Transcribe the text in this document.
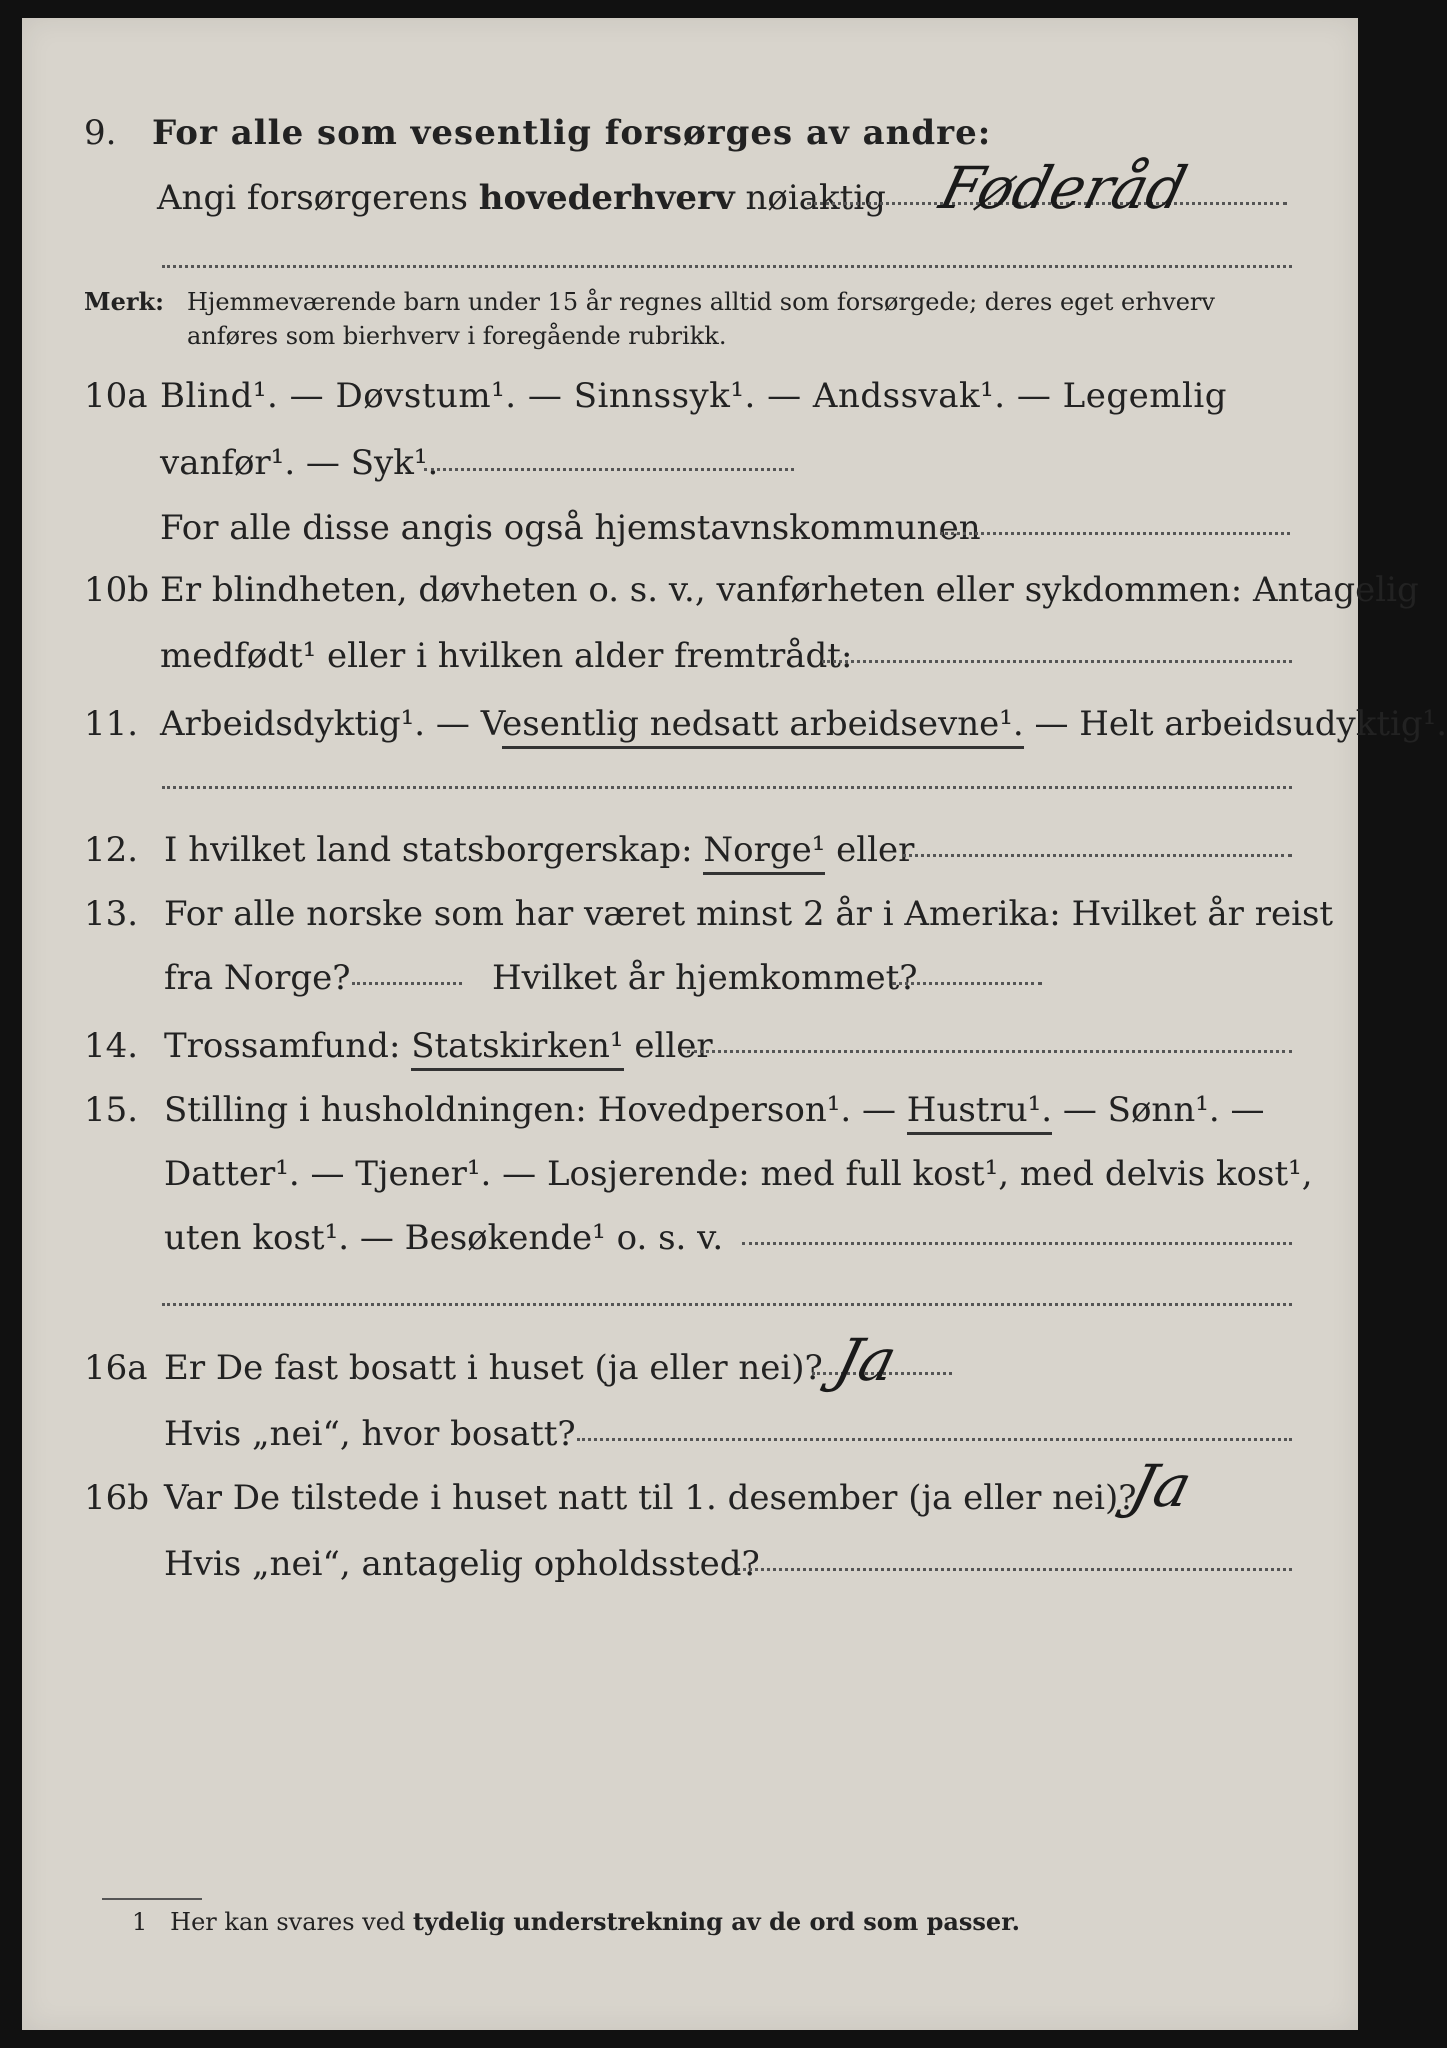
9. For alle som vesentlig forsørges av andre:
Angi forsørgerens hovederhverv nøiaktig Føderåd
Merk: Hjemmeværende barn under 15 år regnes alltid som forsørgede; deres eget erhverv
anføres som bierhverv i foregående rubrikk.
10a Blind¹. — Døvstum¹. — Sinnssyk¹. — Andssvak¹. — Legemlig
vanfør¹. — Syk¹.
For alle disse angis også hjemstavnskommunen
10b Er blindheten, døvheten o. s. v., vanførheten eller sykdommen: Antagelig
medfødt¹ eller i hvilken alder fremtrådt:
11. Arbeidsdyktig¹. — Vesentlig nedsatt arbeidsevne¹. — Helt arbeidsudyktig¹.
12. I hvilket land statsborgerskap: Norge¹ eller
13. For alle norske som har været minst 2 år i Amerika: Hvilket år reist
fra Norge?	Hvilket år hjemkommet?
14. Trossamfund: Statskirken¹ eller
15. Stilling i husholdningen: Hovedperson¹. — Hustru¹. — Sønn¹. —
Datter¹. — Tjener¹. — Losjerende: med full kost¹, med delvis kost¹,
uten kost¹. — Besøkende¹ o. s. v.
16a Er De fast bosatt i huset (ja eller nei)? Ja
Hvis „nei“, hvor bosatt?
16b Var De tilstede i huset natt til 1. desember (ja eller nei)?
Ja
Hvis „nei“, antagelig opholdssted?
1 Her kan svares ved tydelig understrekning av de ord som passer.
